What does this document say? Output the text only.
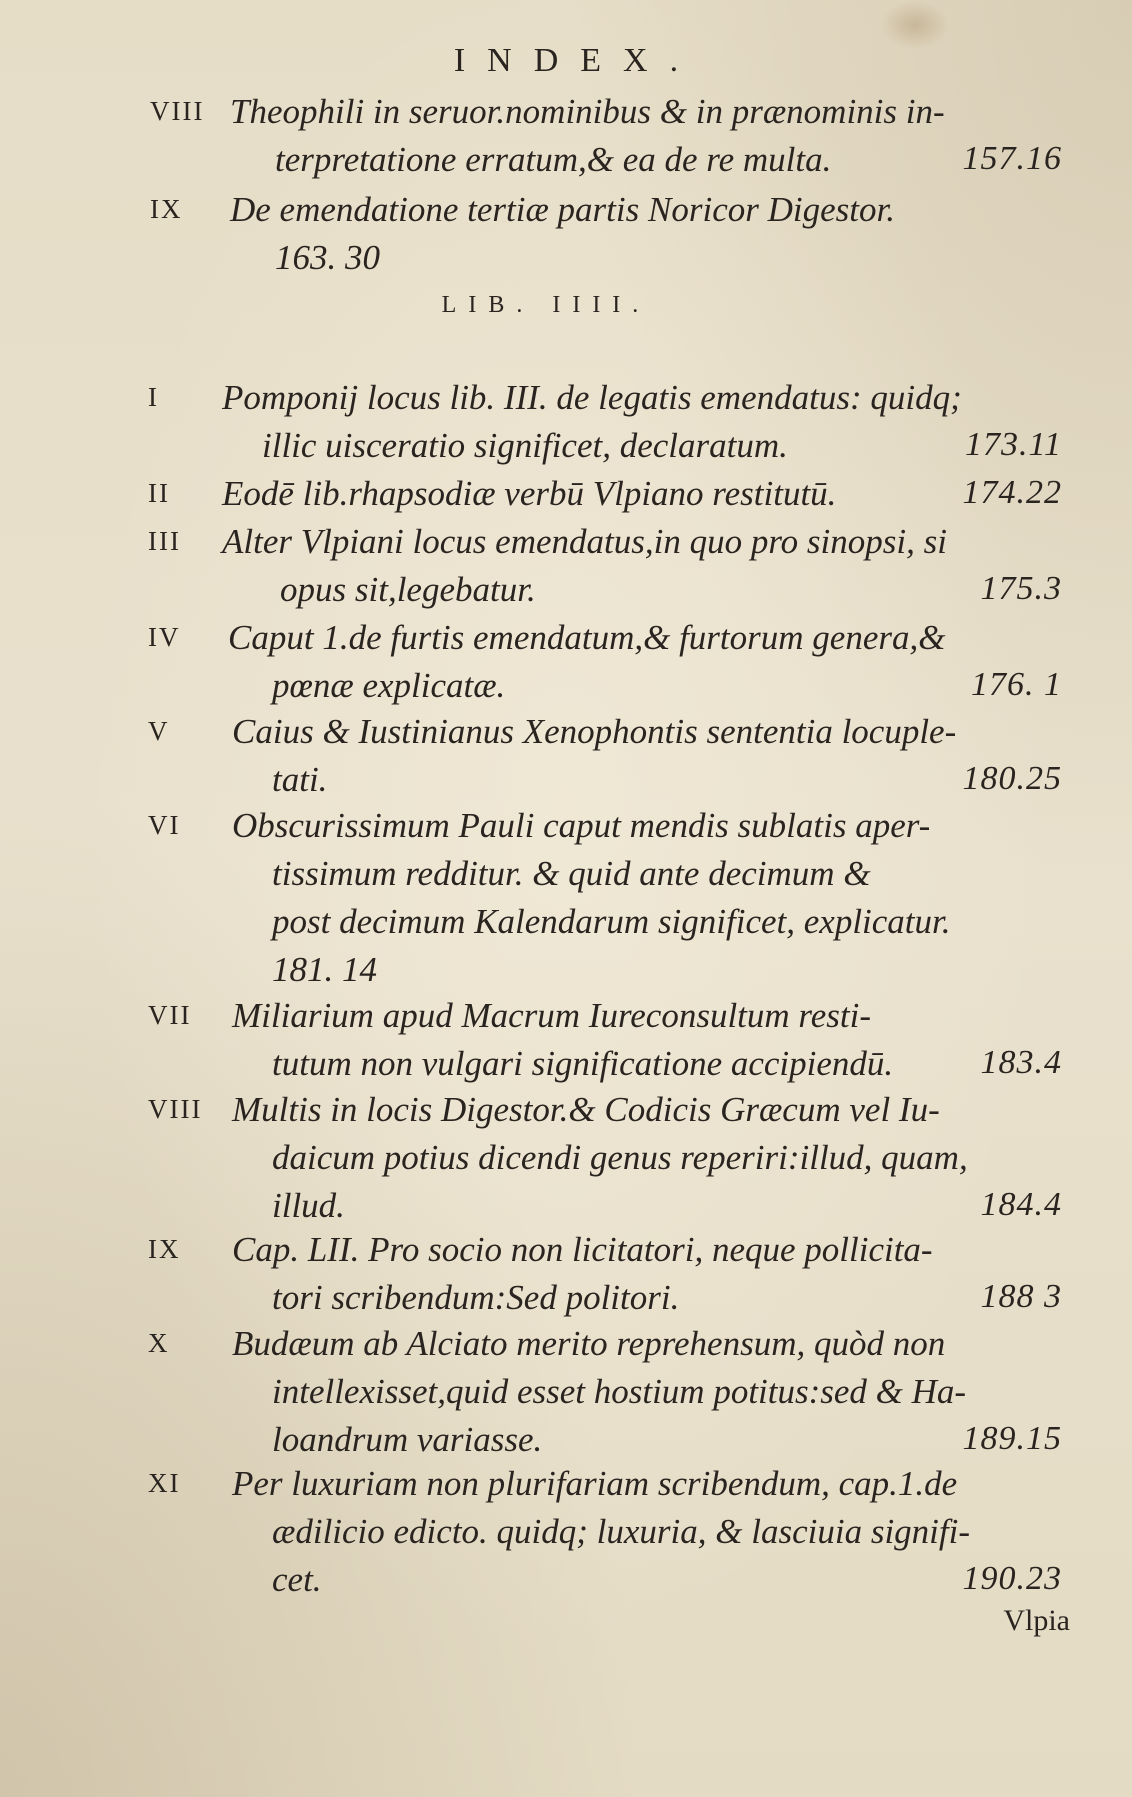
INDEX.
VIII Theophili in seruor.nominibus & in prænominis in-
terpretatione erratum,& ea de re multa.	157.16
IX De emendatione tertiæ partis Noricor Digestor.
163. 30
LIB. IIII.
I Pomponij locus lib. III. de legatis emendatus: quidq;
illic uisceratio significet, declaratum.	173.11
II Eodē lib.rhapsodiæ verbū Vlpiano restitutū.	174.22
III Alter Vlpiani locus emendatus,in quo pro sinopsi, si
opus sit,legebatur.	175.3
IV Caput 1.de furtis emendatum,& furtorum genera,&
pœnæ explicatæ.	176. 1
V Caius & Iustinianus Xenophontis sententia locuple-
tati.	180.25
VI Obscurissimum Pauli caput mendis sublatis aper-
tissimum redditur. & quid ante decimum &
post decimum Kalendarum significet, explicatur.
181. 14
VII Miliarium apud Macrum Iureconsultum resti-
tutum non vulgari significatione accipiendū.	183.4
VIII Multis in locis Digestor.& Codicis Græcum vel Iu-
daicum potius dicendi genus reperiri:illud, quam,
illud.	184.4
IX Cap. LII. Pro socio non licitatori, neque pollicita-
tori scribendum:Sed politori.	188 3
X Budæum ab Alciato merito reprehensum, quòd non
intellexisset,quid esset hostium potitus:sed & Ha-
loandrum variasse.	189.15
XI Per luxuriam non plurifariam scribendum, cap.1.de
ædilicio edicto. quidq; luxuria, & lasciuia signifi-
cet.	190.23
Vlpia
